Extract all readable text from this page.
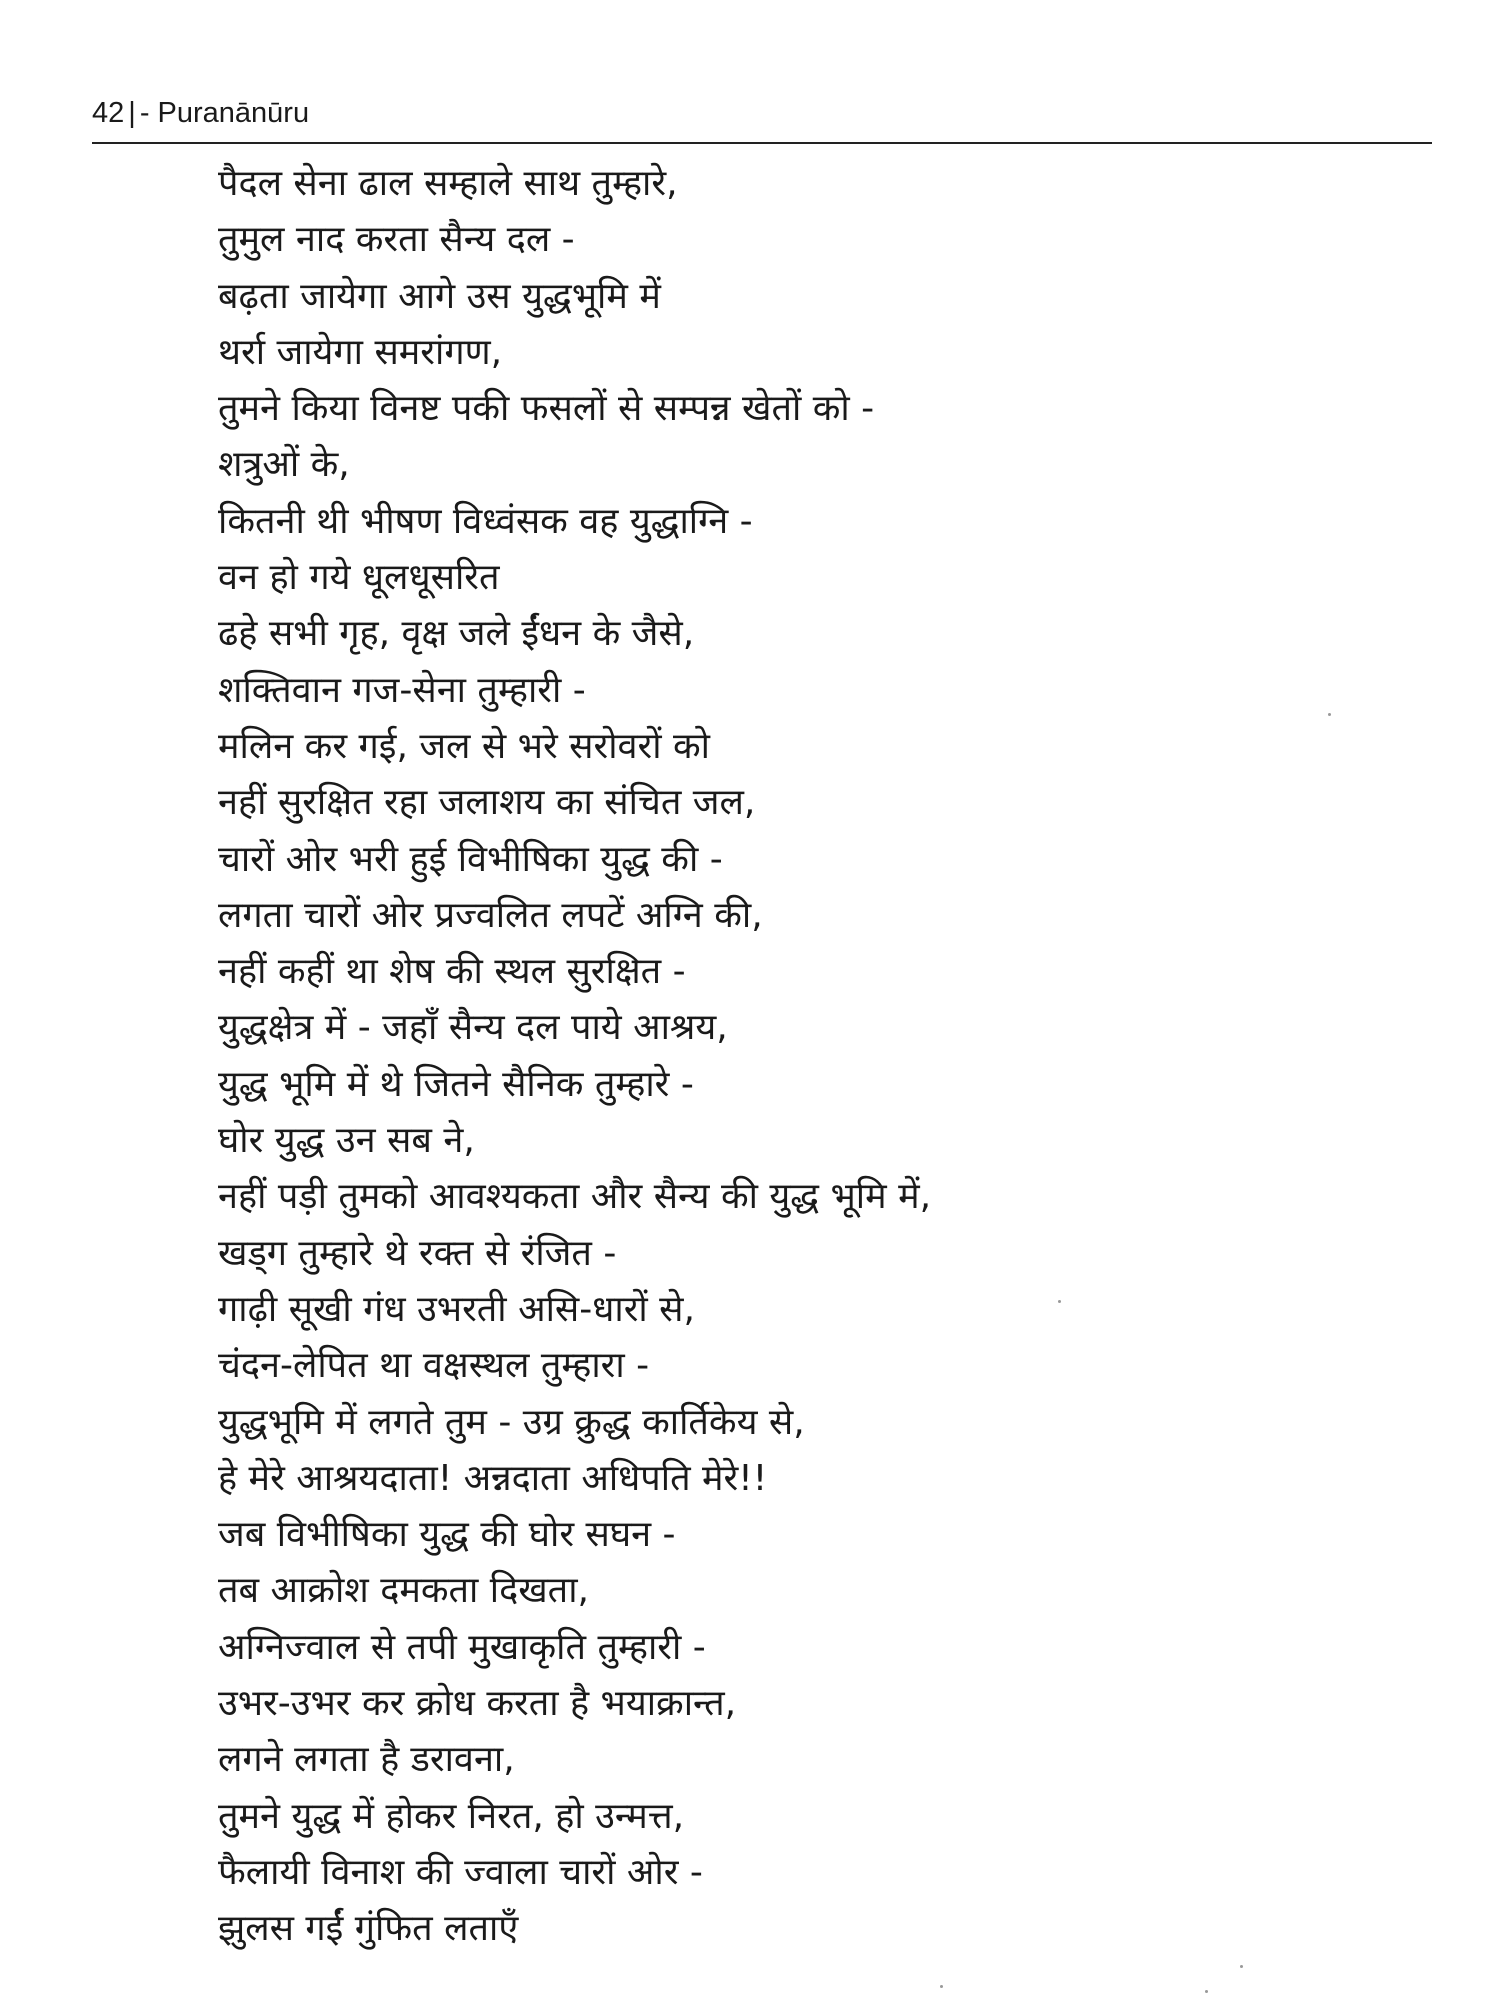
42 | - Puranānūru
पैदल सेना ढाल सम्हाले साथ तुम्हारे,
तुमुल नाद करता सैन्य दल -
बढ़ता जायेगा आगे उस युद्धभूमि में
थर्रा जायेगा समरांगण,
तुमने किया विनष्ट पकी फसलों से सम्पन्न खेतों को -
शत्रुओं के,
कितनी थी भीषण विध्वंसक वह युद्धाग्नि -
वन हो गये धूलधूसरित
ढहे सभी गृह, वृक्ष जले ईंधन के जैसे,
शक्तिवान गज-सेना तुम्हारी -
मलिन कर गई, जल से भरे सरोवरों को
नहीं सुरक्षित रहा जलाशय का संचित जल,
चारों ओर भरी हुई विभीषिका युद्ध की -
लगता चारों ओर प्रज्वलित लपटें अग्नि की,
नहीं कहीं था शेष की स्थल सुरक्षित -
युद्धक्षेत्र में - जहाँ सैन्य दल पाये आश्रय,
युद्ध भूमि में थे जितने सैनिक तुम्हारे -
घोर युद्ध उन सब ने,
नहीं पड़ी तुमको आवश्यकता और सैन्य की युद्ध भूमि में,
खड्ग तुम्हारे थे रक्त से रंजित -
गाढ़ी सूखी गंध उभरती असि-धारों से,
चंदन-लेपित था वक्षस्थल तुम्हारा -
युद्धभूमि में लगते तुम - उग्र क्रुद्ध कार्तिकेय से,
हे मेरे आश्रयदाता! अन्नदाता अधिपति मेरे!!
जब विभीषिका युद्ध की घोर सघन -
तब आक्रोश दमकता दिखता,
अग्निज्वाल से तपी मुखाकृति तुम्हारी -
उभर-उभर कर क्रोध करता है भयाक्रान्त,
लगने लगता है डरावना,
तुमने युद्ध में होकर निरत, हो उन्मत्त,
फैलायी विनाश की ज्वाला चारों ओर -
झुलस गईं गुंफित लताएँ
